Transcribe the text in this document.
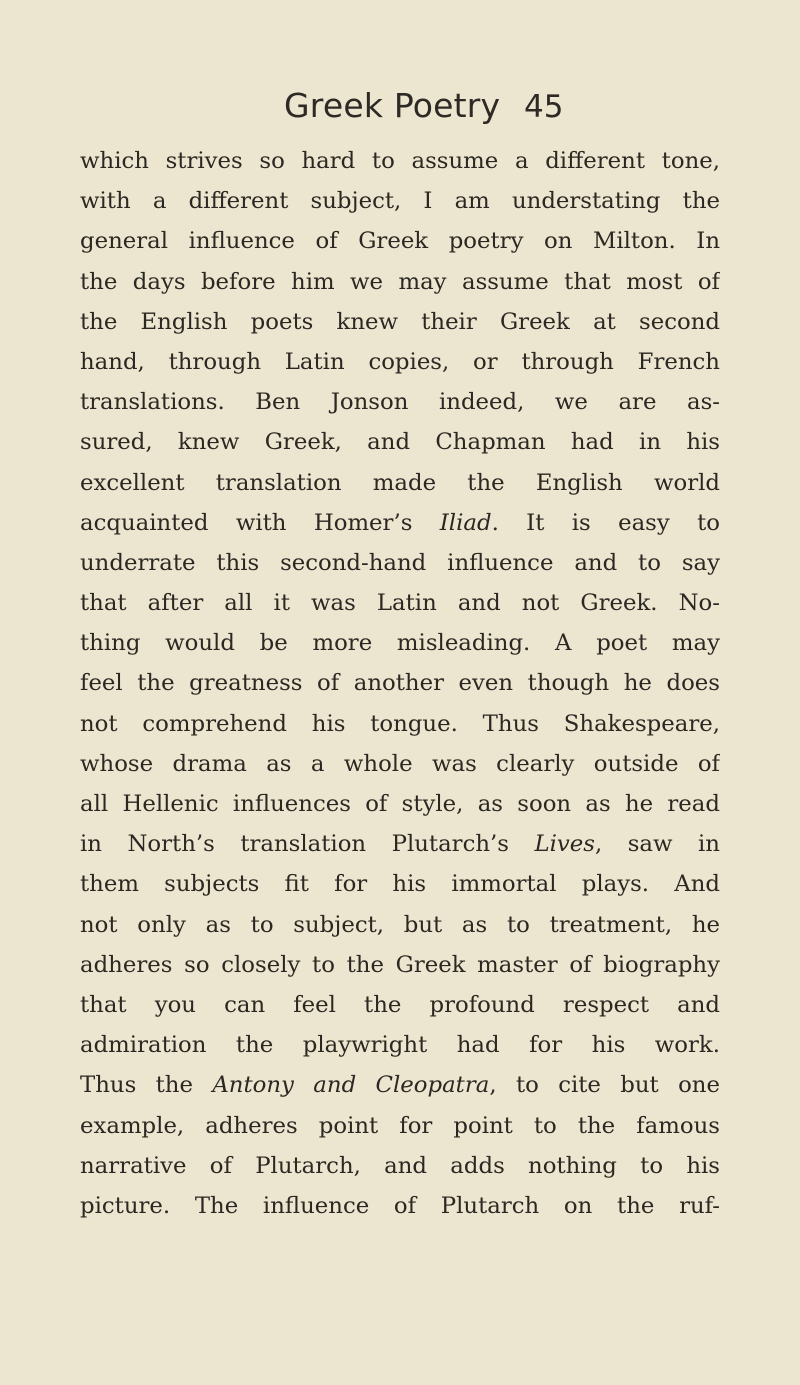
Greek Poetry 45
which strives so hard to assume a different tone,
with a different subject, I am understating the
general influence of Greek poetry on Milton. In
the days before him we may assume that most of
the English poets knew their Greek at second
hand, through Latin copies, or through French
translations. Ben Jonson indeed, we are as-
sured, knew Greek, and Chapman had in his
excellent translation made the English world
acquainted with Homer’s Iliad. It is easy to
underrate this second-hand influence and to say
that after all it was Latin and not Greek. No-
thing would be more misleading. A poet may
feel the greatness of another even though he does
not comprehend his tongue. Thus Shakespeare,
whose drama as a whole was clearly outside of
all Hellenic influences of style, as soon as he read
in North’s translation Plutarch’s Lives, saw in
them subjects fit for his immortal plays. And
not only as to subject, but as to treatment, he
adheres so closely to the Greek master of biography
that you can feel the profound respect and
admiration the playwright had for his work.
Thus the Antony and Cleopatra, to cite but one
example, adheres point for point to the famous
narrative of Plutarch, and adds nothing to his
picture. The influence of Plutarch on the ruf-
